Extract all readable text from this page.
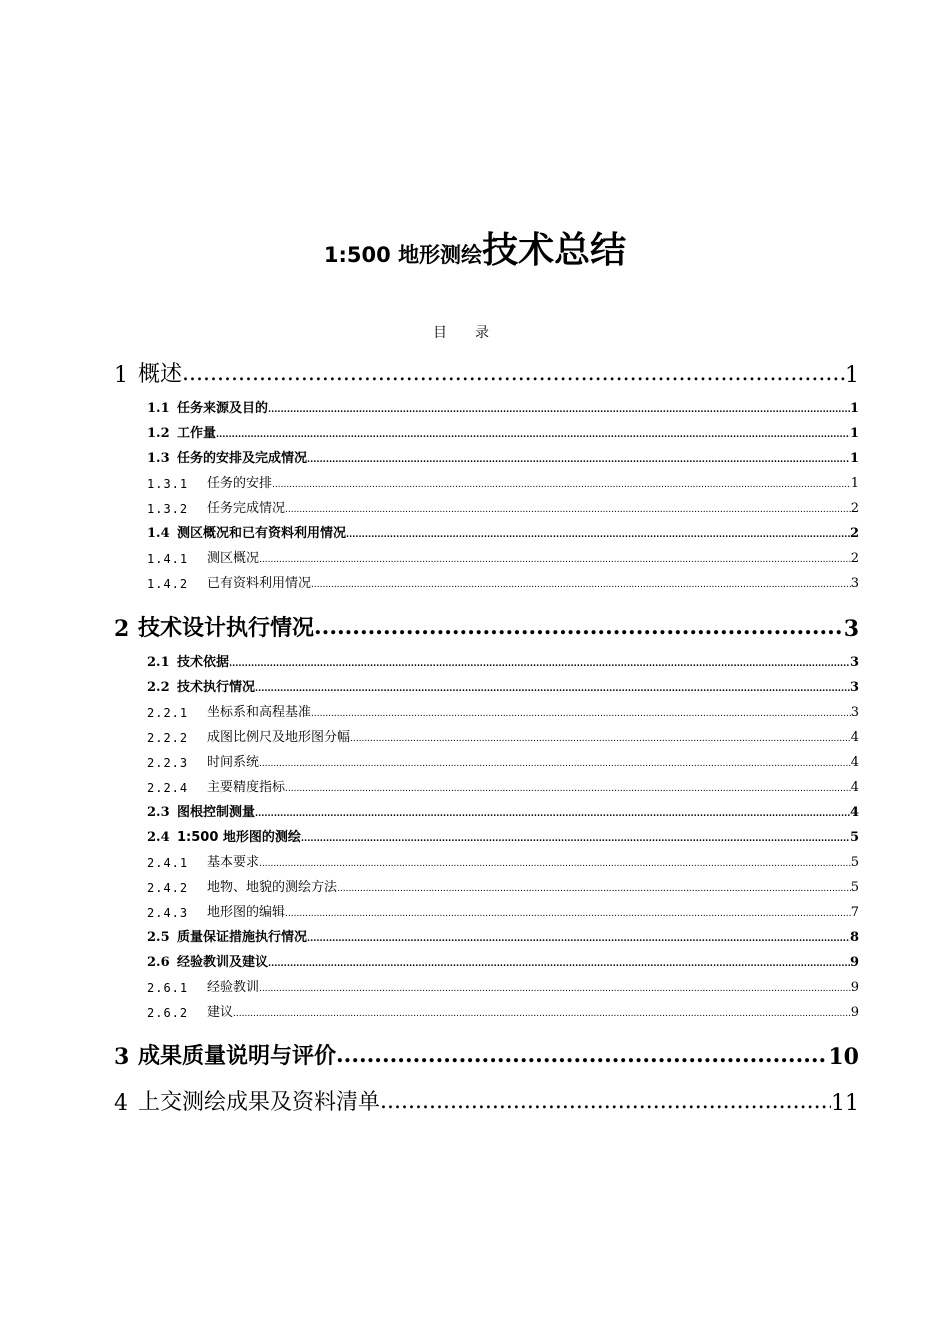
1:500 地形测绘技术总结
目录
1 概述 .....	1
1.1 任务来源及目的 .....	1
1.2 工作量 .....	1
1.3 任务的安排及完成情况 .....	1
1.3.1	任务的安排 .....	1
1.3.2	任务完成情况 .....	2
1.4 测区概况和已有资料利用情况 .....	2
1.4.1	测区概况 .....	2
1.4.2	已有资料利用情况 .....	3
2 技术设计执行情况 .....	3
2.1 技术依据 .....	3
2.2 技术执行情况 .....	3
2.2.1	坐标系和高程基准 .....	3
2.2.2	成图比例尺及地形图分幅 .....	4
2.2.3	时间系统 .....	4
2.2.4	主要精度指标 .....	4
2.3 图根控制测量 .....	4
2.4 1:500 地形图的测绘 .....	5
2.4.1	基本要求 .....	5
2.4.2	地物、地貌的测绘方法 .....	5
2.4.3	地形图的编辑 .....	7
2.5 质量保证措施执行情况 .....	8
2.6 经验教训及建议 .....	9
2.6.1	经验教训 .....	9
2.6.2	建议 .....	9
3 成果质量说明与评价 .....	10
4 上交测绘成果及资料清单 .....	11
